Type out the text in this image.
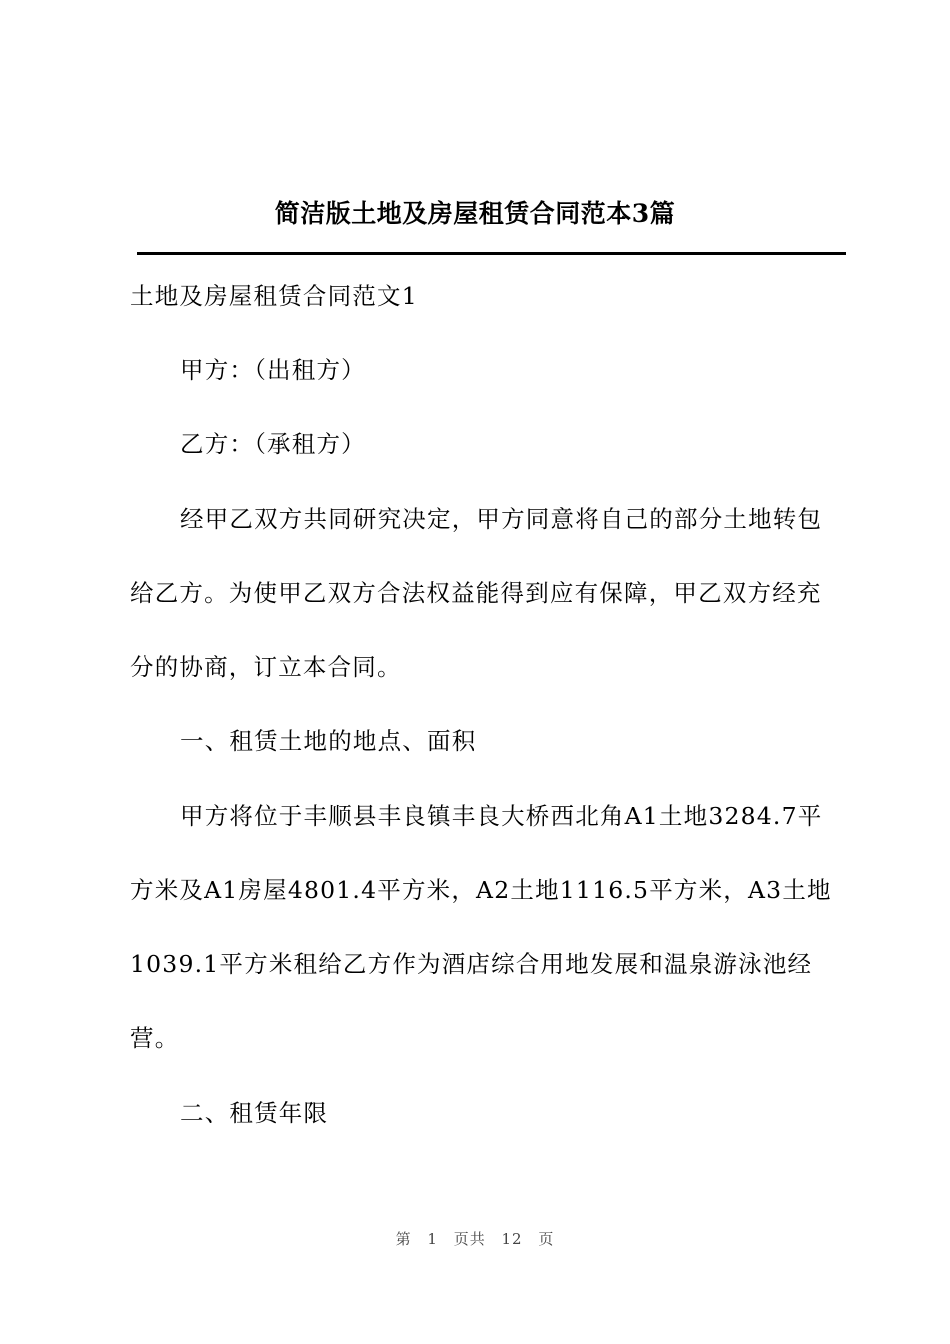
简洁版土地及房屋租赁合同范本3篇
土地及房屋租赁合同范文1
甲方：（出租方）
乙方：（承租方）
经甲乙双方共同研究决定，甲方同意将自己的部分土地转包
给乙方。为使甲乙双方合法权益能得到应有保障，甲乙双方经充
分的协商，订立本合同。
一、租赁土地的地点、面积
甲方将位于丰顺县丰良镇丰良大桥西北角A1土地3284.7平
方米及A1房屋4801.4平方米，A2土地1116.5平方米，A3土地
1039.1平方米租给乙方作为酒店综合用地发展和温泉游泳池经
营。
二、租赁年限
第 1 页共 12 页
